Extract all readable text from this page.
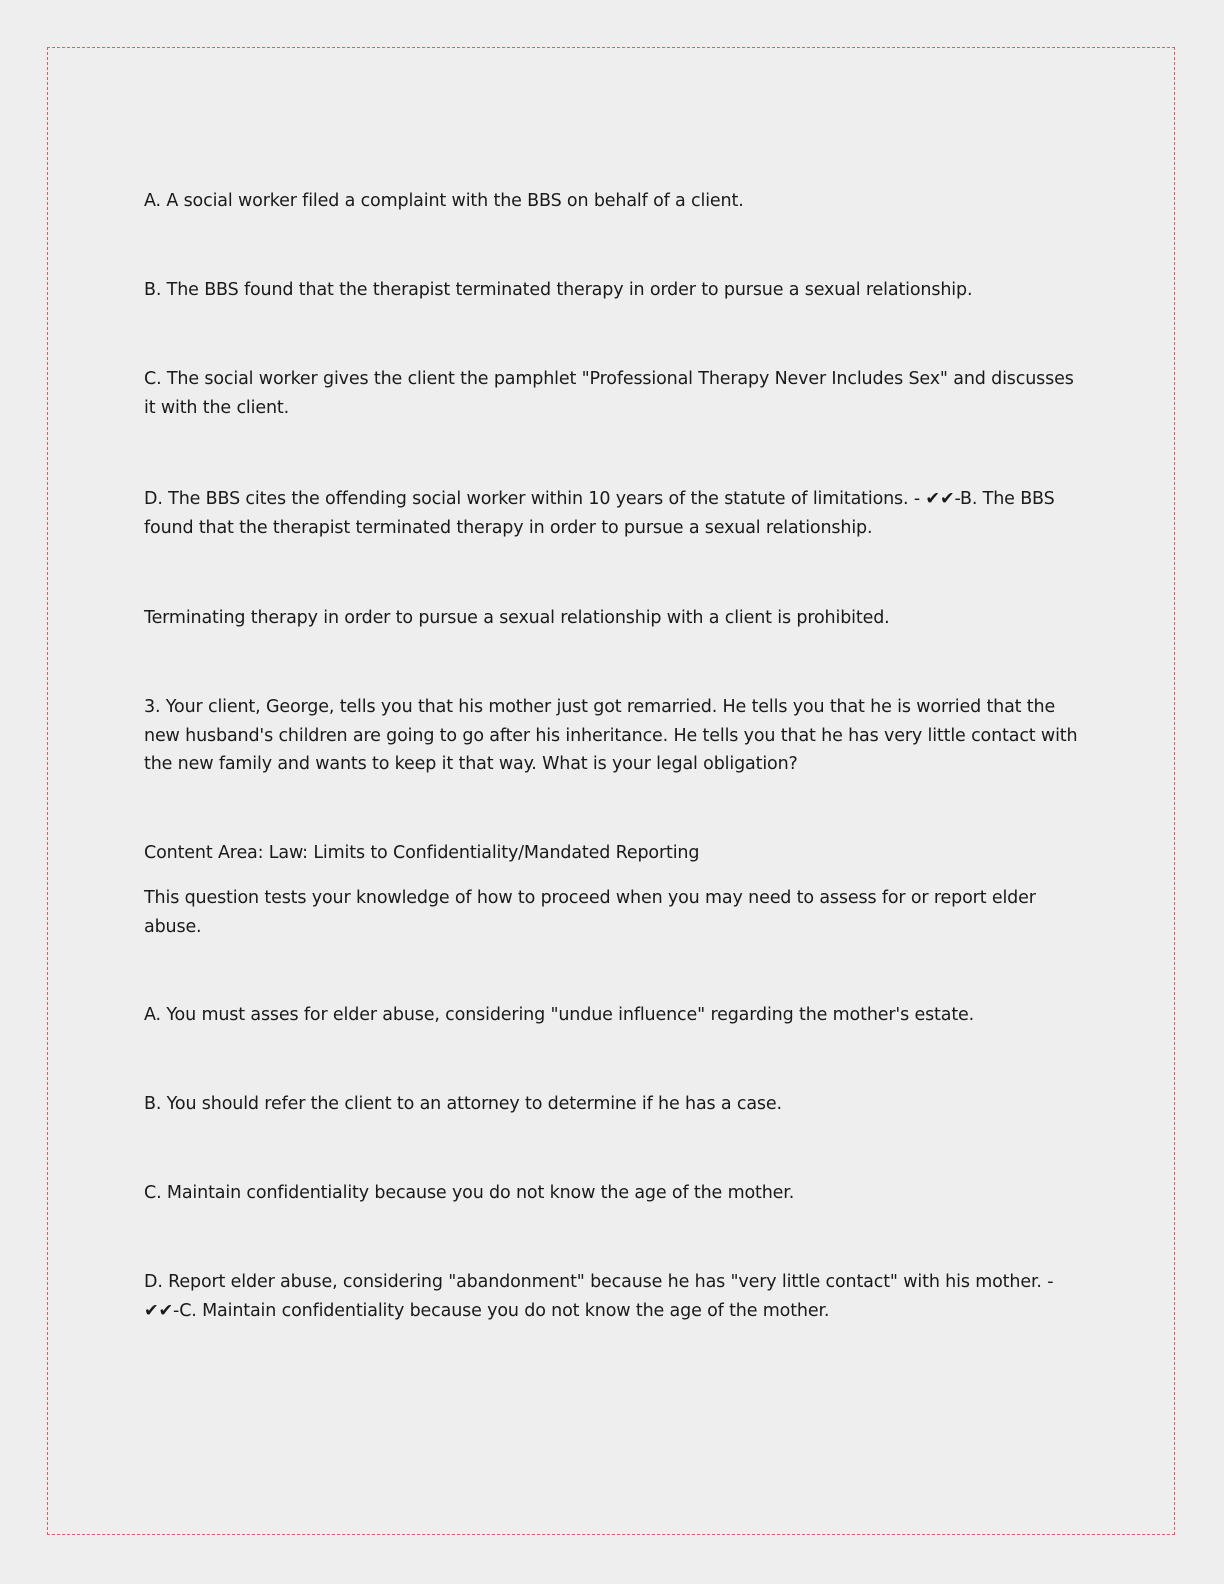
A. A social worker filed a complaint with the BBS on behalf of a client.

B. The BBS found that the therapist terminated therapy in order to pursue a sexual relationship.

C. The social worker gives the client the pamphlet "Professional Therapy Never Includes Sex" and discusses it with the client.

D. The BBS cites the offending social worker within 10 years of the statute of limitations. - ✔✔-B. The BBS found that the therapist terminated therapy in order to pursue a sexual relationship.

Terminating therapy in order to pursue a sexual relationship with a client is prohibited.

3. Your client, George, tells you that his mother just got remarried. He tells you that he is worried that the new husband's children are going to go after his inheritance. He tells you that he has very little contact with the new family and wants to keep it that way. What is your legal obligation?

Content Area: Law: Limits to Confidentiality/Mandated Reporting

This question tests your knowledge of how to proceed when you may need to assess for or report elder abuse.

A. You must asses for elder abuse, considering "undue influence" regarding the mother's estate.

B. You should refer the client to an attorney to determine if he has a case.

C. Maintain confidentiality because you do not know the age of the mother.

D. Report elder abuse, considering "abandonment" because he has "very little contact" with his mother. - ✔✔-C. Maintain confidentiality because you do not know the age of the mother.
